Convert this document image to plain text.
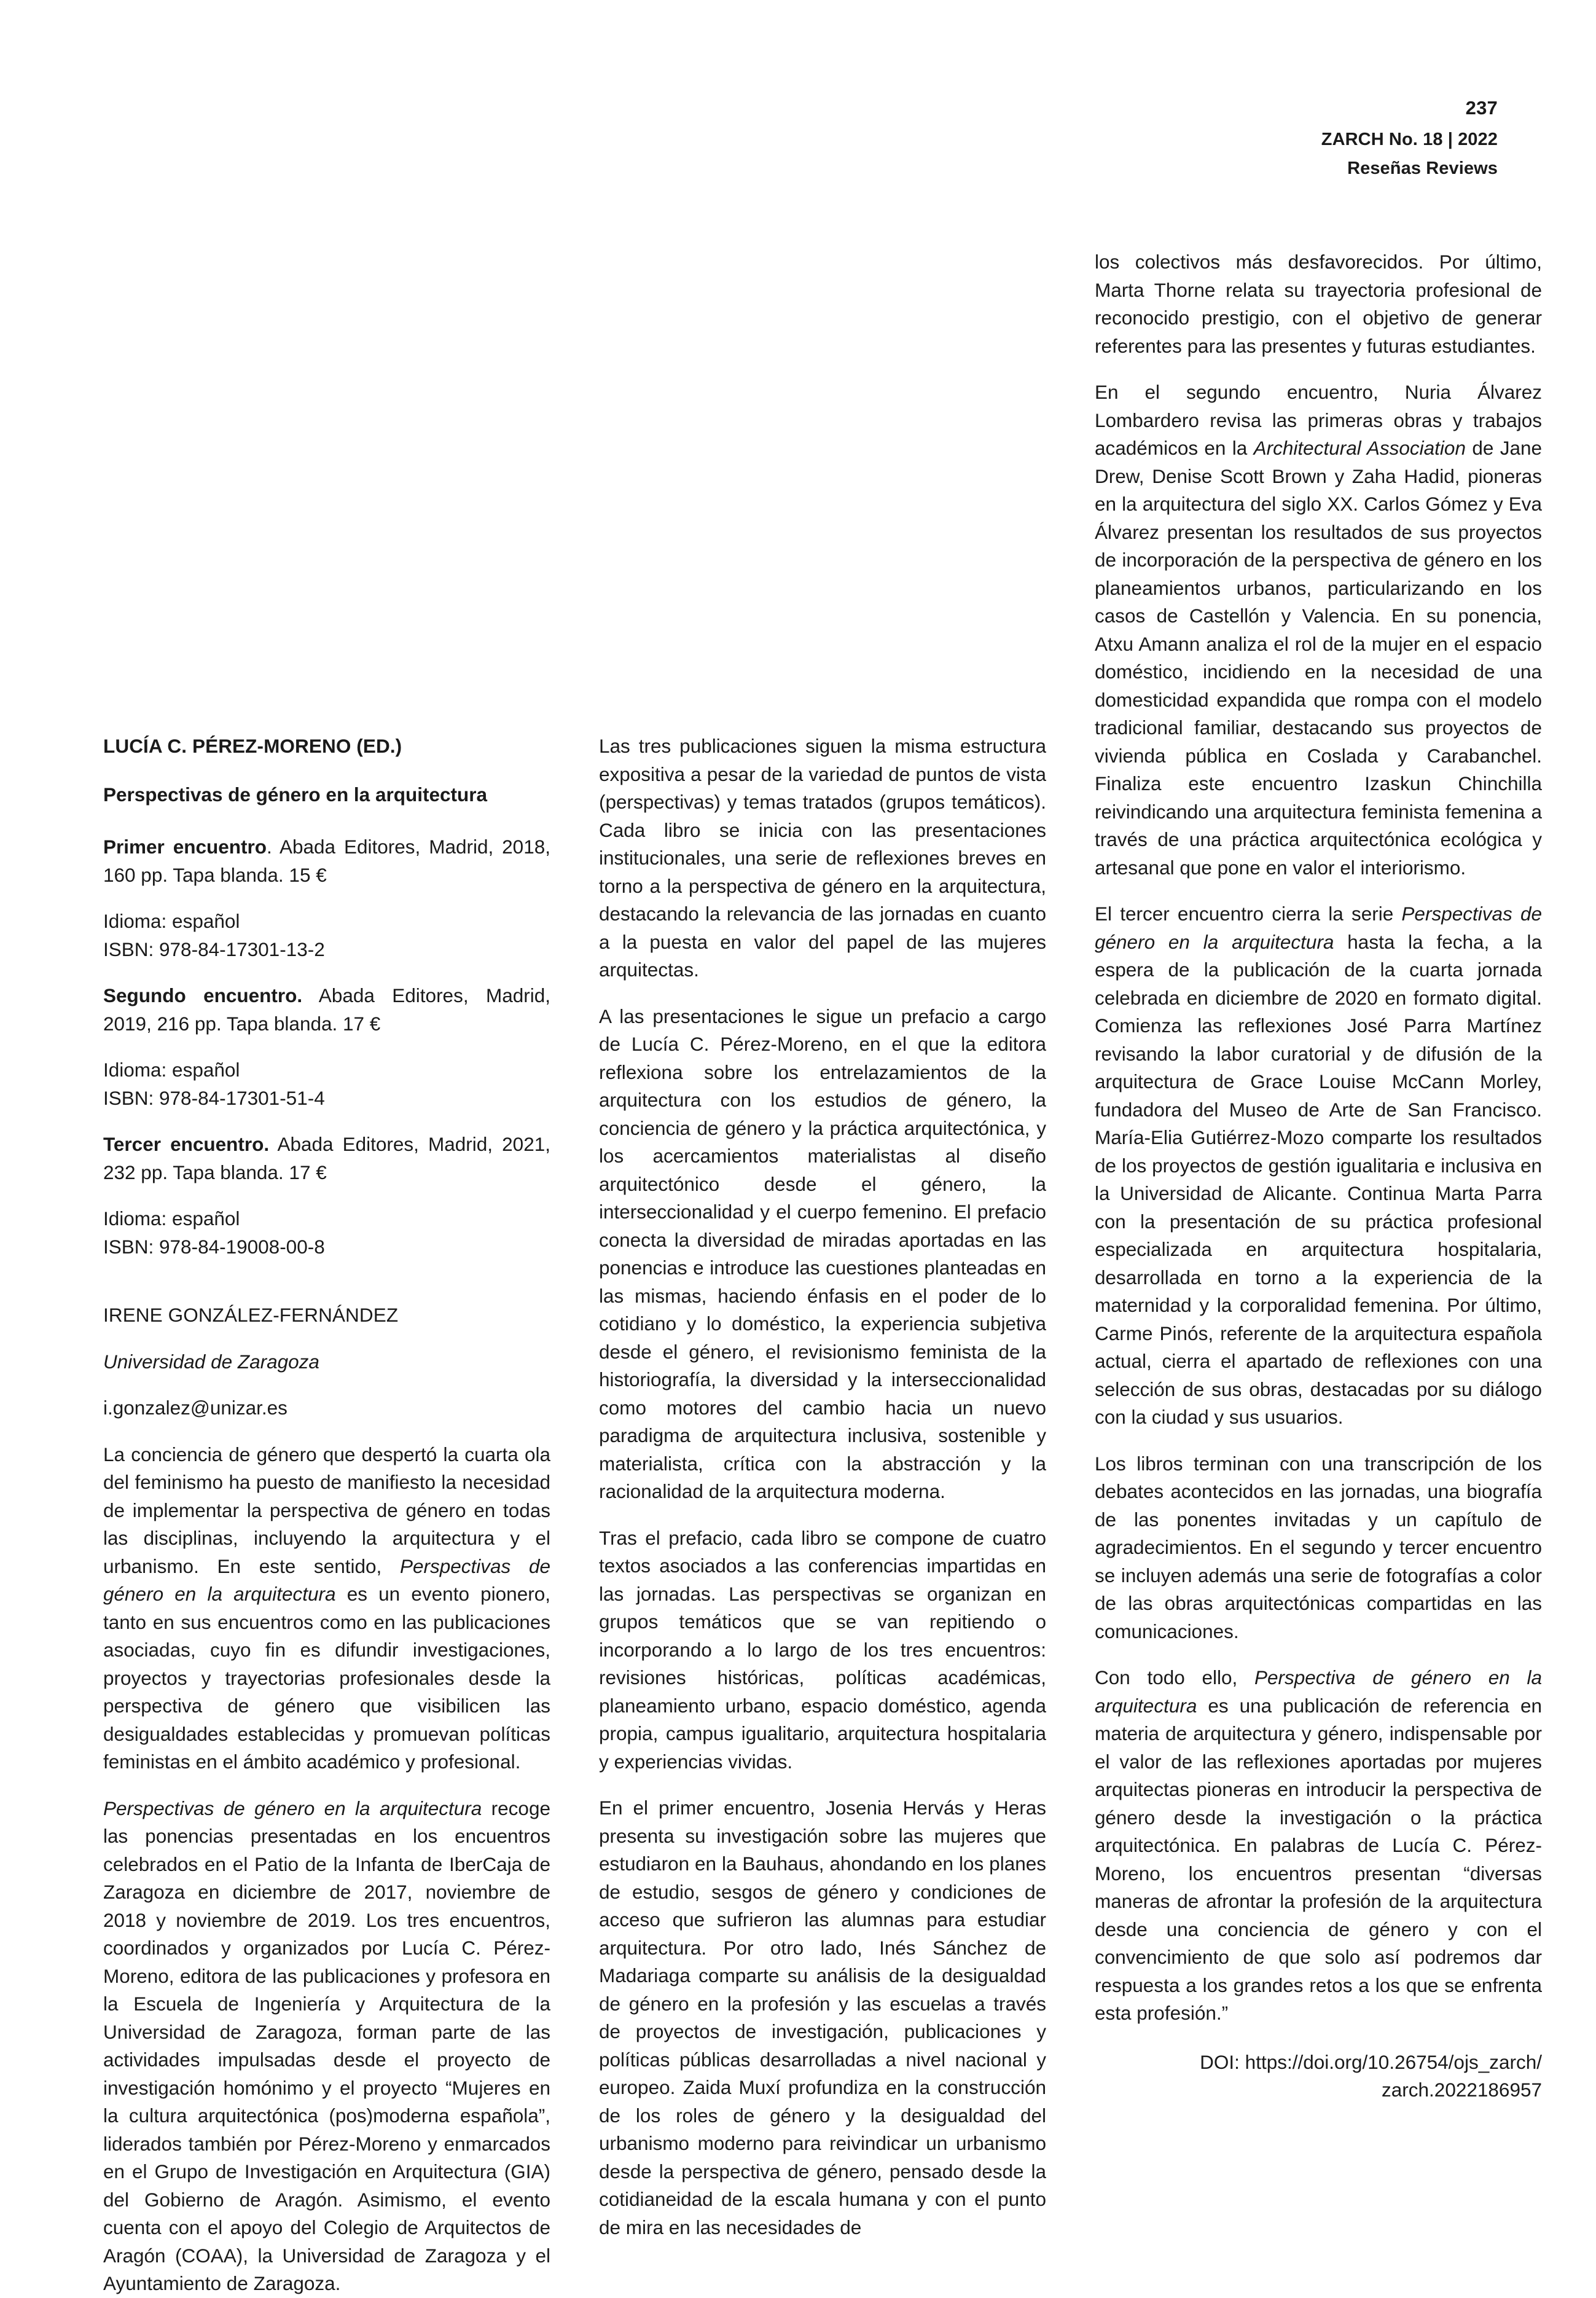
237
ZARCH No. 18 | 2022
Reseñas Reviews
LUCÍA C. PÉREZ-MORENO (ED.)
Perspectivas de género en la arquitectura

Primer encuentro. Abada Editores, Madrid, 2018, 160 pp. Tapa blanda. 15 €

Idioma: español
ISBN: 978-84-17301-13-2

Segundo encuentro. Abada Editores, Madrid, 2019, 216 pp. Tapa blanda. 17 €

Idioma: español
ISBN: 978-84-17301-51-4

Tercer encuentro. Abada Editores, Madrid, 2021, 232 pp. Tapa blanda. 17 €

Idioma: español
ISBN: 978-84-19008-00-8

IRENE GONZÁLEZ-FERNÁNDEZ

Universidad de Zaragoza

i.gonzalez@unizar.es

La conciencia de género que despertó la cuarta ola del feminismo ha puesto de manifiesto la necesidad de implementar la perspectiva de género en todas las disciplinas, incluyendo la arquitectura y el urbanismo. En este sentido, Perspectivas de género en la arquitectura es un evento pionero, tanto en sus encuentros como en las publicaciones asociadas, cuyo fin es difundir investigaciones, proyectos y trayectorias profesionales desde la perspectiva de género que visibilicen las desigualdades establecidas y promuevan políticas feministas en el ámbito académico y profesional.

Perspectivas de género en la arquitectura recoge las ponencias presentadas en los encuentros celebrados en el Patio de la Infanta de IberCaja de Zaragoza en diciembre de 2017, noviembre de 2018 y noviembre de 2019. Los tres encuentros, coordinados y organizados por Lucía C. Pérez-Moreno, editora de las publicaciones y profesora en la Escuela de Ingeniería y Arquitectura de la Universidad de Zaragoza, forman parte de las actividades impulsadas desde el proyecto de investigación homónimo y el proyecto “Mujeres en la cultura arquitectónica (pos)moderna española”, liderados también por Pérez-Moreno y enmarcados en el Grupo de Investigación en Arquitectura (GIA) del Gobierno de Aragón. Asimismo, el evento cuenta con el apoyo del Colegio de Arquitectos de Aragón (COAA), la Universidad de Zaragoza y el Ayuntamiento de Zaragoza.

Las tres publicaciones siguen la misma estructura expositiva a pesar de la variedad de puntos de vista (perspectivas) y temas tratados (grupos temáticos). Cada libro se inicia con las presentaciones institucionales, una serie de reflexiones breves en torno a la perspectiva de género en la arquitectura, destacando la relevancia de las jornadas en cuanto a la puesta en valor del papel de las mujeres arquitectas.

A las presentaciones le sigue un prefacio a cargo de Lucía C. Pérez-Moreno, en el que la editora reflexiona sobre los entrelazamientos de la arquitectura con los estudios de género, la conciencia de género y la práctica arquitectónica, y los acercamientos materialistas al diseño arquitectónico desde el género, la interseccionalidad y el cuerpo femenino. El prefacio conecta la diversidad de miradas aportadas en las ponencias e introduce las cuestiones planteadas en las mismas, haciendo énfasis en el poder de lo cotidiano y lo doméstico, la experiencia subjetiva desde el género, el revisionismo feminista de la historiografía, la diversidad y la interseccionalidad como motores del cambio hacia un nuevo paradigma de arquitectura inclusiva, sostenible y materialista, crítica con la abstracción y la racionalidad de la arquitectura moderna.

Tras el prefacio, cada libro se compone de cuatro textos asociados a las conferencias impartidas en las jornadas. Las perspectivas se organizan en grupos temáticos que se van repitiendo o incorporando a lo largo de los tres encuentros: revisiones históricas, políticas académicas, planeamiento urbano, espacio doméstico, agenda propia, campus igualitario, arquitectura hospitalaria y experiencias vividas.

En el primer encuentro, Josenia Hervás y Heras presenta su investigación sobre las mujeres que estudiaron en la Bauhaus, ahondando en los planes de estudio, sesgos de género y condiciones de acceso que sufrieron las alumnas para estudiar arquitectura. Por otro lado, Inés Sánchez de Madariaga comparte su análisis de la desigualdad de género en la profesión y las escuelas a través de proyectos de investigación, publicaciones y políticas públicas desarrolladas a nivel nacional y europeo. Zaida Muxí profundiza en la construcción de los roles de género y la desigualdad del urbanismo moderno para reivindicar un urbanismo desde la perspectiva de género, pensado desde la cotidianeidad de la escala humana y con el punto de mira en las necesidades de

los colectivos más desfavorecidos. Por último, Marta Thorne relata su trayectoria profesional de reconocido prestigio, con el objetivo de generar referentes para las presentes y futuras estudiantes.

En el segundo encuentro, Nuria Álvarez Lombardero revisa las primeras obras y trabajos académicos en la Architectural Association de Jane Drew, Denise Scott Brown y Zaha Hadid, pioneras en la arquitectura del siglo XX. Carlos Gómez y Eva Álvarez presentan los resultados de sus proyectos de incorporación de la perspectiva de género en los planeamientos urbanos, particularizando en los casos de Castellón y Valencia. En su ponencia, Atxu Amann analiza el rol de la mujer en el espacio doméstico, incidiendo en la necesidad de una domesticidad expandida que rompa con el modelo tradicional familiar, destacando sus proyectos de vivienda pública en Coslada y Carabanchel. Finaliza este encuentro Izaskun Chinchilla reivindicando una arquitectura feminista femenina a través de una práctica arquitectónica ecológica y artesanal que pone en valor el interiorismo.

El tercer encuentro cierra la serie Perspectivas de género en la arquitectura hasta la fecha, a la espera de la publicación de la cuarta jornada celebrada en diciembre de 2020 en formato digital. Comienza las reflexiones José Parra Martínez revisando la labor curatorial y de difusión de la arquitectura de Grace Louise McCann Morley, fundadora del Museo de Arte de San Francisco. María-Elia Gutiérrez-Mozo comparte los resultados de los proyectos de gestión igualitaria e inclusiva en la Universidad de Alicante. Continua Marta Parra con la presentación de su práctica profesional especializada en arquitectura hospitalaria, desarrollada en torno a la experiencia de la maternidad y la corporalidad femenina. Por último, Carme Pinós, referente de la arquitectura española actual, cierra el apartado de reflexiones con una selección de sus obras, destacadas por su diálogo con la ciudad y sus usuarios.

Los libros terminan con una transcripción de los debates acontecidos en las jornadas, una biografía de las ponentes invitadas y un capítulo de agradecimientos. En el segundo y tercer encuentro se incluyen además una serie de fotografías a color de las obras arquitectónicas compartidas en las comunicaciones.

Con todo ello, Perspectiva de género en la arquitectura es una publicación de referencia en materia de arquitectura y género, indispensable por el valor de las reflexiones aportadas por mujeres arquitectas pioneras en introducir la perspectiva de género desde la investigación o la práctica arquitectónica. En palabras de Lucía C. Pérez-Moreno, los encuentros presentan “diversas maneras de afrontar la profesión de la arquitectura desde una conciencia de género y con el convencimiento de que solo así podremos dar respuesta a los grandes retos a los que se enfrenta esta profesión.”

DOI: https://doi.org/10.26754/ojs_zarch/
zarch.2022186957
